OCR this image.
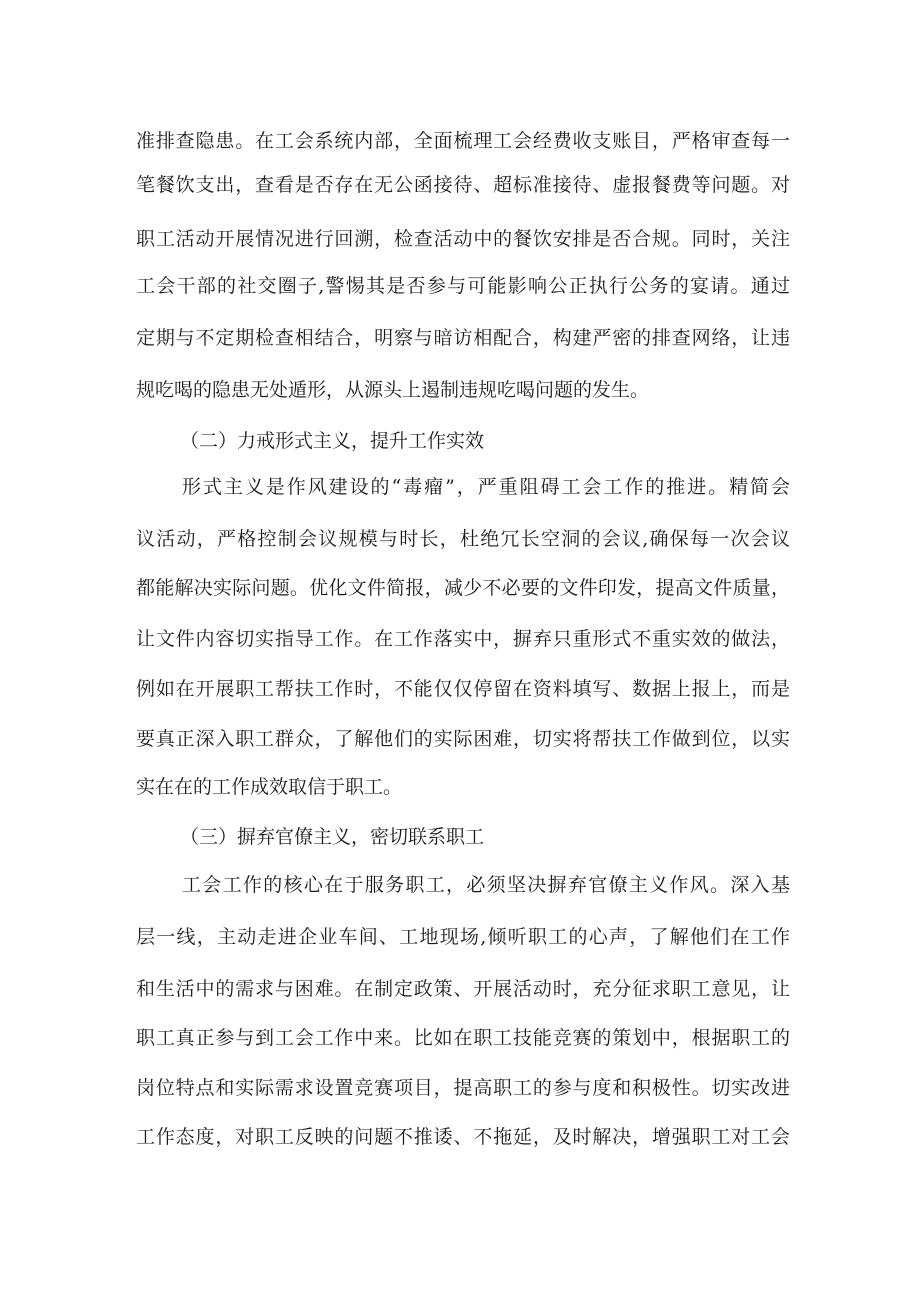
准排查隐患。在工会系统内部，全面梳理工会经费收支账目，严格审查每一
笔餐饮支出，查看是否存在无公函接待、超标准接待、虚报餐费等问题。对
职工活动开展情况进行回溯，检查活动中的餐饮安排是否合规。同时，关注
工会干部的社交圈子,警惕其是否参与可能影响公正执行公务的宴请。通过
定期与不定期检查相结合，明察与暗访相配合，构建严密的排查网络，让违
规吃喝的隐患无处遁形，从源头上遏制违规吃喝问题的发生。
（二）力戒形式主义，提升工作实效
形式主义是作风建设的“毒瘤”，严重阻碍工会工作的推进。精简会
议活动，严格控制会议规模与时长，杜绝冗长空洞的会议,确保每一次会议
都能解决实际问题。优化文件简报，减少不必要的文件印发，提高文件质量，
让文件内容切实指导工作。在工作落实中，摒弃只重形式不重实效的做法，
例如在开展职工帮扶工作时，不能仅仅停留在资料填写、数据上报上，而是
要真正深入职工群众，了解他们的实际困难，切实将帮扶工作做到位，以实
实在在的工作成效取信于职工。
（三）摒弃官僚主义，密切联系职工
工会工作的核心在于服务职工，必须坚决摒弃官僚主义作风。深入基
层一线，主动走进企业车间、工地现场,倾听职工的心声，了解他们在工作
和生活中的需求与困难。在制定政策、开展活动时，充分征求职工意见，让
职工真正参与到工会工作中来。比如在职工技能竞赛的策划中，根据职工的
岗位特点和实际需求设置竞赛项目，提高职工的参与度和积极性。切实改进
工作态度，对职工反映的问题不推诿、不拖延，及时解决，增强职工对工会
